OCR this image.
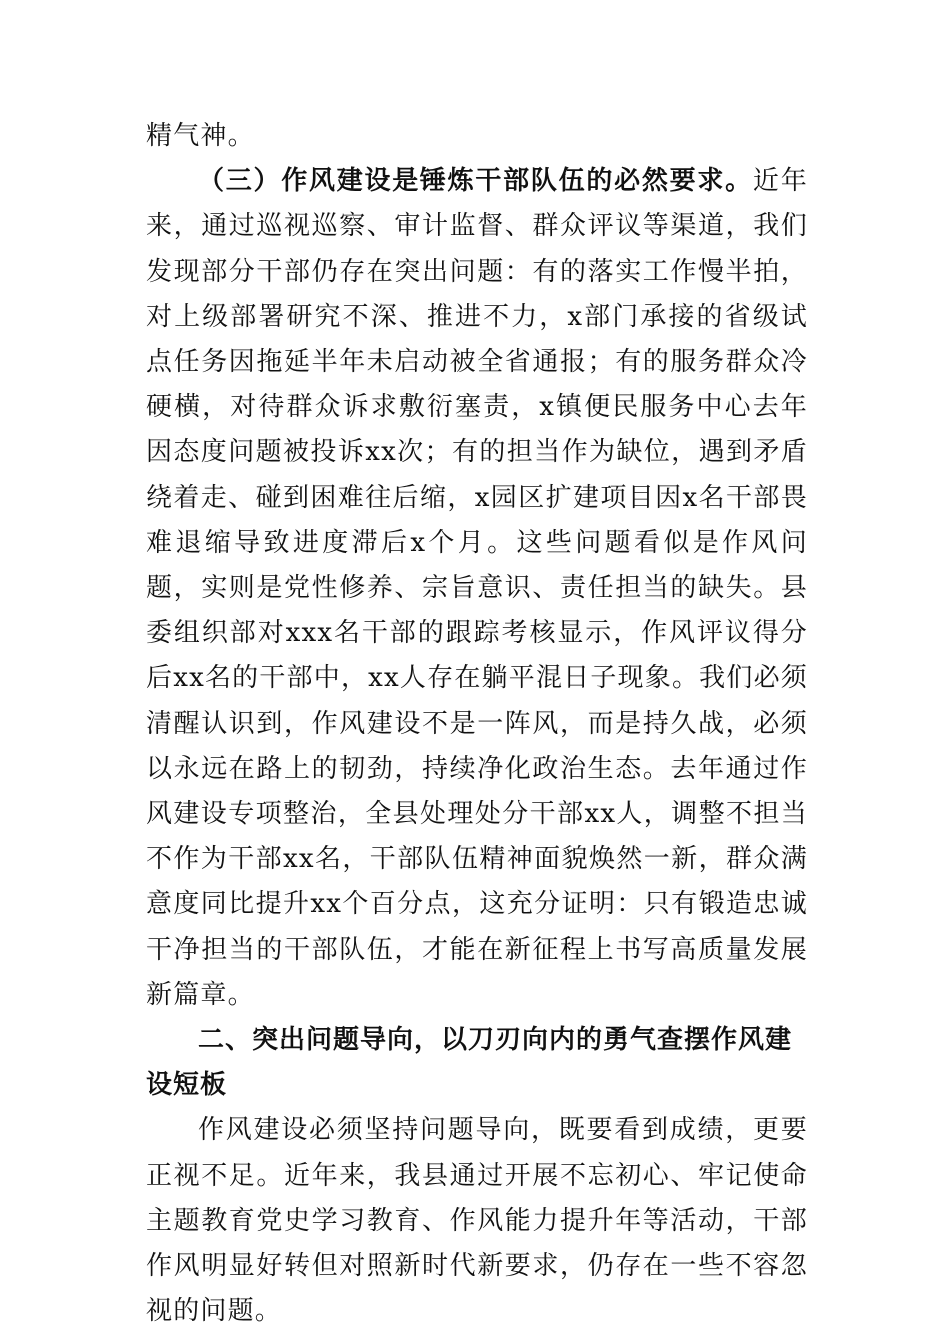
精气神。

（三）作风建设是锤炼干部队伍的必然要求。近年来，通过巡视巡察、审计监督、群众评议等渠道，我们发现部分干部仍存在突出问题：有的落实工作慢半拍，对上级部署研究不深、推进不力，x部门承接的省级试点任务因拖延半年未启动被全省通报；有的服务群众冷硬横，对待群众诉求敷衍塞责，x镇便民服务中心去年因态度问题被投诉xx次；有的担当作为缺位，遇到矛盾绕着走、碰到困难往后缩，x园区扩建项目因x名干部畏难退缩导致进度滞后x个月。这些问题看似是作风问题，实则是党性修养、宗旨意识、责任担当的缺失。县委组织部对xxx名干部的跟踪考核显示，作风评议得分后xx名的干部中，xx人存在躺平混日子现象。我们必须清醒认识到，作风建设不是一阵风，而是持久战，必须以永远在路上的韧劲，持续净化政治生态。去年通过作风建设专项整治，全县处理处分干部xx人，调整不担当不作为干部xx名，干部队伍精神面貌焕然一新，群众满意度同比提升xx个百分点，这充分证明：只有锻造忠诚干净担当的干部队伍，才能在新征程上书写高质量发展新篇章。

二、突出问题导向，以刀刃向内的勇气查摆作风建设短板

作风建设必须坚持问题导向，既要看到成绩，更要正视不足。近年来，我县通过开展不忘初心、牢记使命主题教育党史学习教育、作风能力提升年等活动，干部作风明显好转但对照新时代新要求，仍存在一些不容忽视的问题。
